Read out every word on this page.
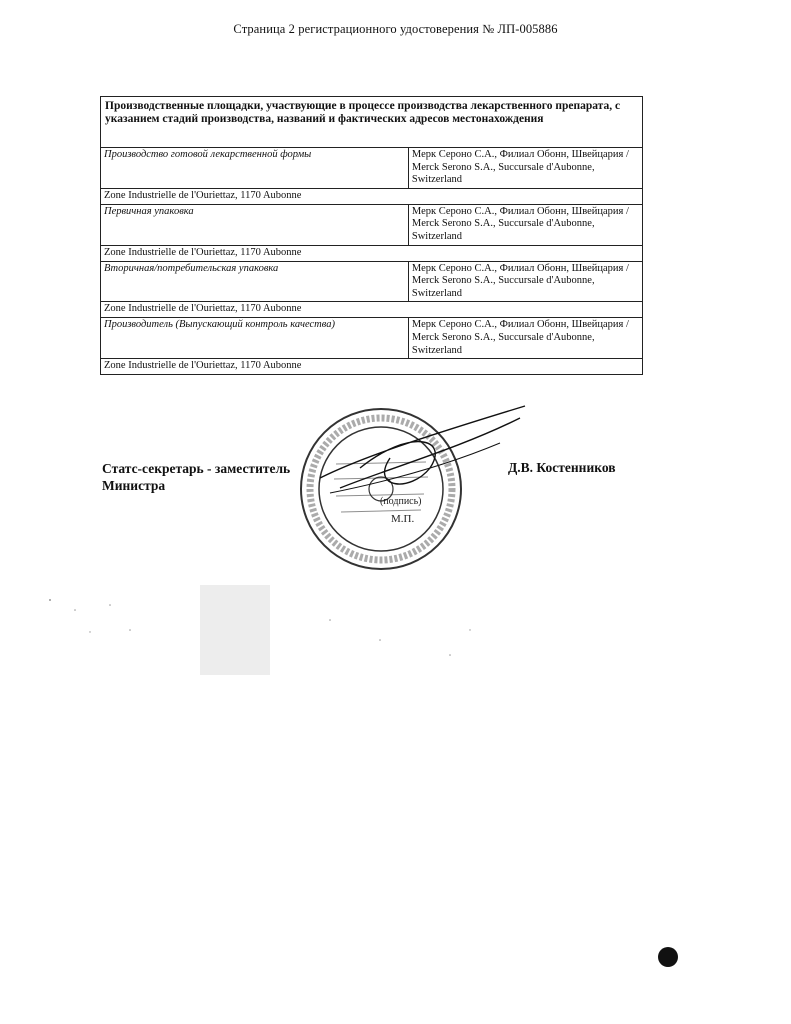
Страница 2 регистрационного удостоверения № ЛП-005886
Производственные площадки, участвующие в процессе производства лекарственного препарата, с указанием стадий производства, названий и фактических адресов местонахождения	
Производство готовой лекарственной формы	Мерк Сероно С.А., Филиал Обонн, Швейцария / Merck Serono S.A., Succursale d'Aubonne, Switzerland
Zone Industrielle de l'Ouriettaz, 1170 Aubonne	
Первичная упаковка	Мерк Сероно С.А., Филиал Обонн, Швейцария / Merck Serono S.A., Succursale d'Aubonne, Switzerland
Zone Industrielle de l'Ouriettaz, 1170 Aubonne	
Вторичная/потребительская упаковка	Мерк Сероно С.А., Филиал Обонн, Швейцария / Merck Serono S.A., Succursale d'Aubonne, Switzerland
Zone Industrielle de l'Ouriettaz, 1170 Aubonne	
Производитель (Выпускающий контроль качества)	Мерк Сероно С.А., Филиал Обонн, Швейцария / Merck Serono S.A., Succursale d'Aubonne, Switzerland
Zone Industrielle de l'Ouriettaz, 1170 Aubonne	
Статс-секретарь - заместитель Министра
Д.В. Костенников
(подпись)
М.П.
